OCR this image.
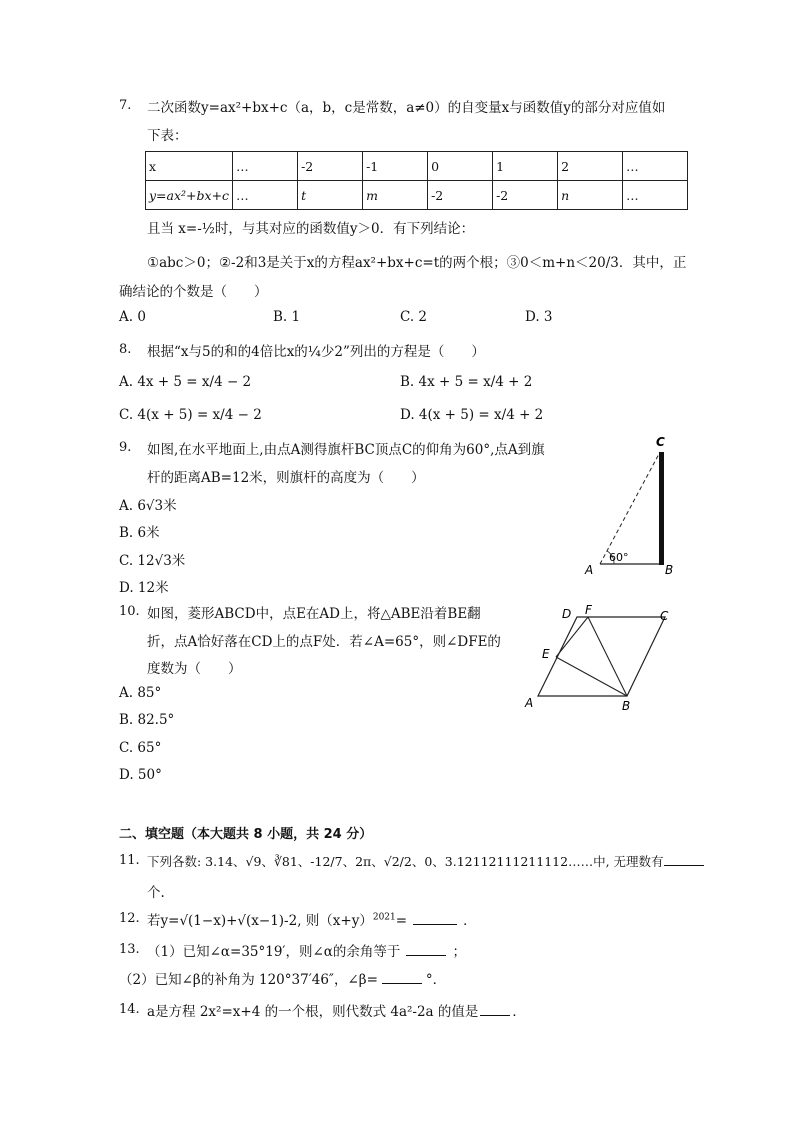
7. 二次函数y=ax²+bx+c（a，b，c是常数，a≠0）的自变量x与函数值y的部分对应值如
下表：
x	…	-2	-1	0	1	2	…
y=ax²+bx+c	…	t	m	-2	-2	n	…
且当 x=-½时，与其对应的函数值y＞0．有下列结论：
①abc＞0；②-2和3是关于x的方程ax²+bx+c=t的两个根；③0＜m+n＜20/3．其中，正
确结论的个数是（　　）
A. 0	B. 1	C. 2	D. 3
8. 根据“x与5的和的4倍比x的¼少2”列出的方程是（　　）
A. 4x + 5 = x/4 − 2	B. 4x + 5 = x/4 + 2
C. 4(x + 5) = x/4 − 2	D. 4(x + 5) = x/4 + 2
9. 如图,在水平地面上,由点A测得旗杆BC顶点C的仰角为60°,点A到旗
杆的距离AB=12米，则旗杆的高度为（　　）
A. 6√3米
B. 6米
C. 12√3米
D. 12米
60°
C
A	B
10. 如图，菱形ABCD中，点E在AD上，将△ABE沿着BE翻
折，点A恰好落在CD上的点F处．若∠A=65°，则∠DFE的
度数为（　　）
A. 85°
B. 82.5°
C. 65°
D. 50°
D F	C
E
A	B
二、填空题（本大题共 8 小题，共 24 分）
11. 下列各数: 3.14、√9、∛81、-12/7、2π、√2/2、0、3.12112111211112……中, 无理数有
个.
12. 若y=√(1−x)+√(x−1)-2, 则$(x+y)^{2021}=$	．
13. （1）已知∠α=35°19′，则∠α的余角等于	；
（2）已知∠β的补角为 120°37′46″，∠β=	°．
14. a是方程 2x²=x+4 的一个根，则代数式 4a²-2a 的值是	．
